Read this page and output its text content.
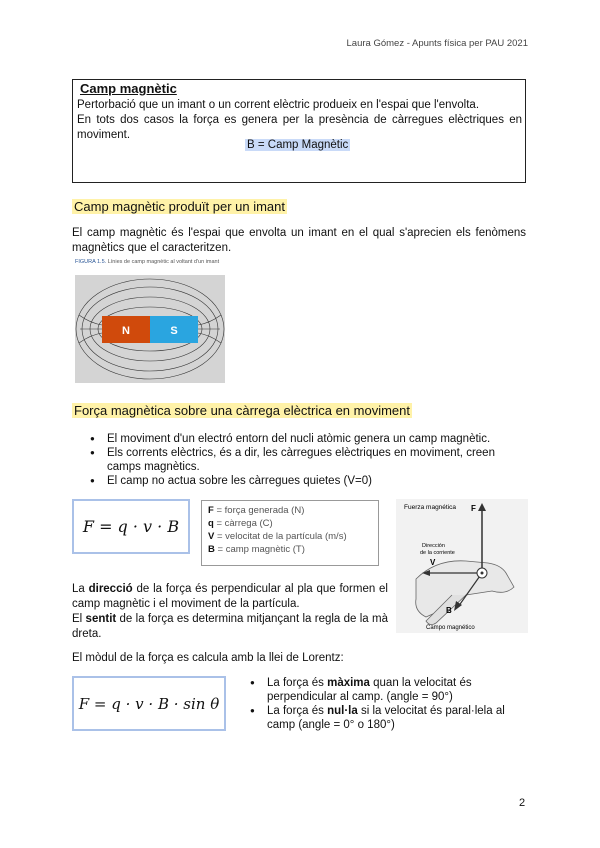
Laura Gómez - Apunts física per PAU 2021
Camp magnètic
Pertorbació que un imant o un corrent elèctric produeix en l'espai que l'envolta.
En tots dos casos la força es genera per la presència de càrregues elèctriques en moviment.
B = Camp Magnètic
Camp magnètic produït per un imant
El camp magnètic és l'espai que envolta un imant en el qual s'aprecien els fenòmens magnètics que el caracteritzen.
FIGURA 1.5. Línies de camp magnètic al voltant d'un imant
N	S
Força magnètica sobre una càrrega elèctrica en moviment
● El moviment d'un electró entorn del nucli atòmic genera un camp magnètic.
● Els corrents elèctrics, és a dir, les càrregues elèctriques en moviment, creen camps magnètics.
● El camp no actua sobre les càrregues quietes (V=0)
F = q · v · B
F = força generada (N)
q = càrrega (C)
V = velocitat de la partícula (m/s)
B = camp magnètic (T)
Fuerza magnética F
Dirección
de la corriente
V
B
Campo magnético
La direcció de la força és perpendicular al pla que formen el camp magnètic i el moviment de la partícula.
El sentit de la força es determina mitjançant la regla de la mà dreta.
El mòdul de la força es calcula amb la llei de Lorentz:
F = q · v · B · sin θ
● La força és màxima quan la velocitat és perpendicular al camp. (angle = 90°)
● La força és nul·la si la velocitat és paral·lela al camp (angle = 0° o 180°)
2
